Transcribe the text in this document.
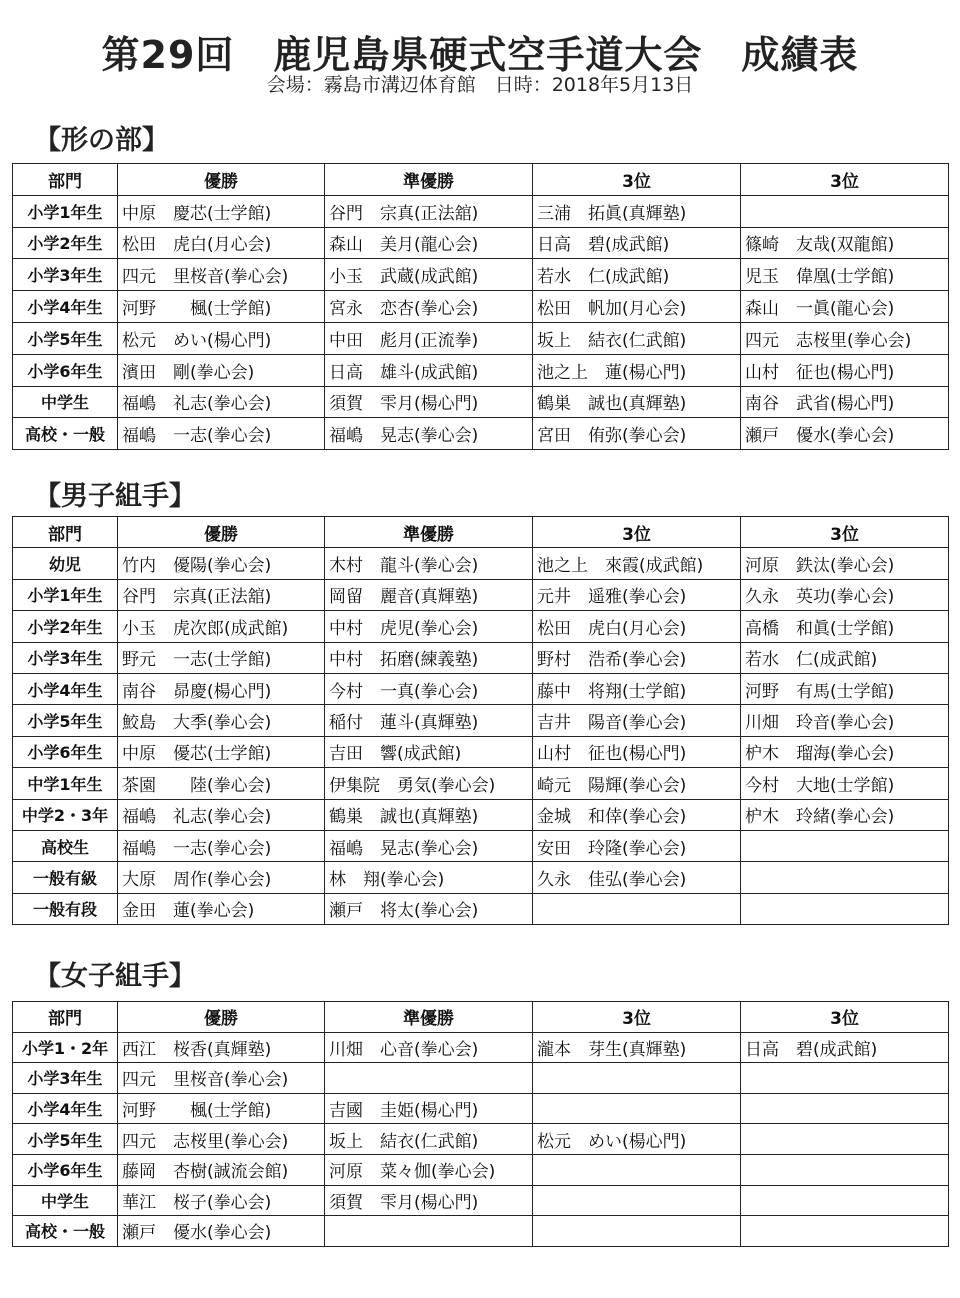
第29回　鹿児島県硬式空手道大会　成績表
会場：霧島市溝辺体育館　日時：2018年5月13日
【形の部】
部門	優勝	準優勝	3位	3位
小学1年生	中原　慶芯(士学館)	谷門　宗真(正法舘)	三浦　拓眞(真輝塾)	
小学2年生	松田　虎白(月心会)	森山　美月(龍心会)	日高　碧(成武館)	篠崎　友哉(双龍館)
小学3年生	四元　里桜音(拳心会)	小玉　武蔵(成武館)	若水　仁(成武館)	児玉　偉凰(士学館)
小学4年生	河野　　楓(士学館)	宮永　恋杏(拳心会)	松田　帆加(月心会)	森山　一眞(龍心会)
小学5年生	松元　めい(楊心門)	中田　彪月(正流拳)	坂上　結衣(仁武館)	四元　志桜里(拳心会)
小学6年生	濱田　剛(拳心会)	日高　雄斗(成武館)	池之上　蓮(楊心門)	山村　征也(楊心門)
中学生	福嶋　礼志(拳心会)	須賀　雫月(楊心門)	鶴巣　誠也(真輝塾)	南谷　武省(楊心門)
高校・一般	福嶋　一志(拳心会)	福嶋　晃志(拳心会)	宮田　侑弥(拳心会)	瀬戸　優水(拳心会)
【男子組手】
部門	優勝	準優勝	3位	3位
幼児	竹内　優陽(拳心会)	木村　龍斗(拳心会)	池之上　來霞(成武館)	河原　鉄汰(拳心会)
小学1年生	谷門　宗真(正法舘)	岡留　麗音(真輝塾)	元井　遥雅(拳心会)	久永　英功(拳心会)
小学2年生	小玉　虎次郎(成武館)	中村　虎児(拳心会)	松田　虎白(月心会)	高橋　和眞(士学館)
小学3年生	野元　一志(士学館)	中村　拓磨(練義塾)	野村　浩希(拳心会)	若水　仁(成武館)
小学4年生	南谷　昴慶(楊心門)	今村　一真(拳心会)	藤中　将翔(士学館)	河野　有馬(士学館)
小学5年生	鮫島　大季(拳心会)	稲付　蓮斗(真輝塾)	吉井　陽音(拳心会)	川畑　玲音(拳心会)
小学6年生	中原　優芯(士学館)	吉田　響(成武館)	山村　征也(楊心門)	枦木　瑠海(拳心会)
中学1年生	茶園　　陸(拳心会)	伊集院　勇気(拳心会)	崎元　陽輝(拳心会)	今村　大地(士学館)
中学2・3年	福嶋　礼志(拳心会)	鶴巣　誠也(真輝塾)	金城　和倖(拳心会)	枦木　玲緒(拳心会)
高校生	福嶋　一志(拳心会)	福嶋　晃志(拳心会)	安田　玲隆(拳心会)	
一般有級	大原　周作(拳心会)	林　翔(拳心会)	久永　佳弘(拳心会)	
一般有段	金田　蓮(拳心会)	瀬戸　将太(拳心会)		
【女子組手】
部門	優勝	準優勝	3位	3位
小学1・2年	西江　桜香(真輝塾)	川畑　心音(拳心会)	瀧本　芽生(真輝塾)	日高　碧(成武館)
小学3年生	四元　里桜音(拳心会)			
小学4年生	河野　　楓(士学館)	吉國　圭姫(楊心門)		
小学5年生	四元　志桜里(拳心会)	坂上　結衣(仁武館)	松元　めい(楊心門)	
小学6年生	藤岡　杏樹(誠流会館)	河原　菜々伽(拳心会)		
中学生	華江　桜子(拳心会)	須賀　雫月(楊心門)		
高校・一般	瀬戸　優水(拳心会)			
